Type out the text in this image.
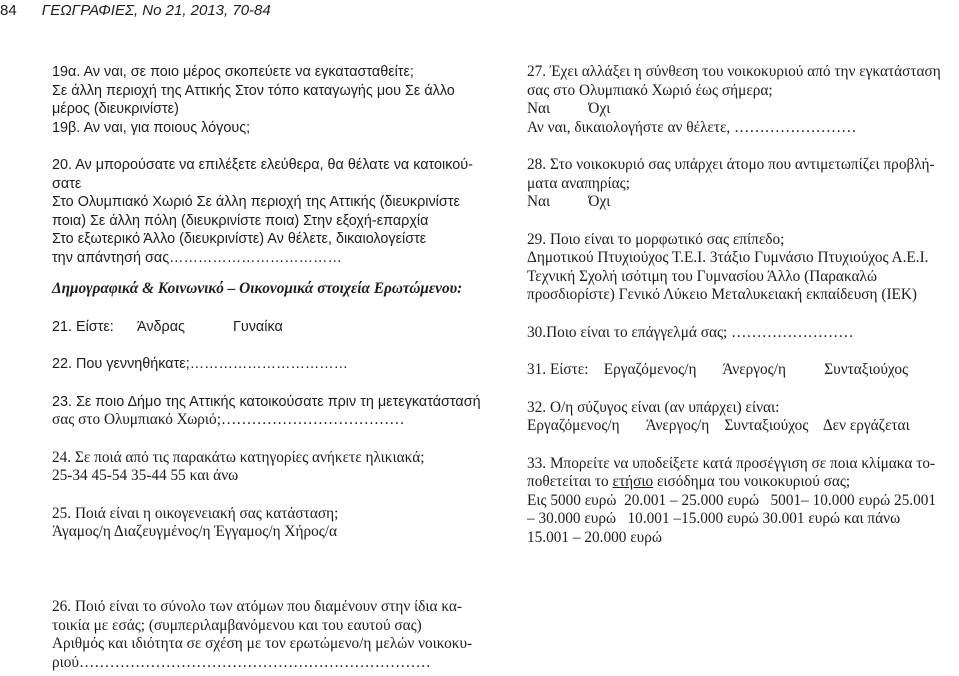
84 ΓΕΩΓΡΑΦΙΕΣ, Νο 21, 2013, 70-84
19α. Αν ναι, σε ποιο μέρος σκοπεύετε να εγκατασταθείτε;
Σε άλλη περιοχή της Αττικής Στον τόπο καταγωγής μου Σε άλλο
μέρος (διευκρινίστε)
19β. Αν ναι, για ποιους λόγους;
20. Αν μπορούσατε να επιλέξετε ελεύθερα, θα θέλατε να κατοικού-
σατε
Στο Ολυμπιακό Χωριό Σε άλλη περιοχή της Αττικής (διευκρινίστε
ποια) Σε άλλη πόλη (διευκρινίστε ποια) Στην εξοχή-επαρχία
Στο εξωτερικό Άλλο (διευκρινίστε) Αν θέλετε, δικαιολογείστε
την απάντησή σας………………………………
Δημογραφικά & Κοινωνικό – Οικονομικά στοιχεία Ερωτώμενου:
21. Είστε:      Άνδρας            Γυναίκα
22. Που γεννηθήκατε;……………………………
23. Σε ποιο Δήμο της Αττικής κατοικούσατε πριν τη μετεγκατάστασή
σας στο Ολυμπιακό Χωριό;………………………………
24. Σε ποιά από τις παρακάτω κατηγορίες ανήκετε ηλικιακά;
25-34 45-54 35-44 55 και άνω
25. Ποιά είναι η οικογενειακή σας κατάσταση;
Άγαμος/η Διαζευγμένος/η Έγγαμος/η Χήρος/α
26. Ποιό είναι το σύνολο των ατόμων που διαμένουν στην ίδια κα-
τοικία με εσάς; (συμπεριλαμβανόμενου και του εαυτού σας)
Αριθμός και ιδιότητα σε σχέση με τον ερωτώμενο/η μελών νοικοκυ-
ριού……………………………………………………………
27. Έχει αλλάξει η σύνθεση του νοικοκυριού από την εγκατάσταση
σας στο Ολυμπιακό Χωριό έως σήμερα;
Ναι          Όχι
Αν ναι, δικαιολογήστε αν θέλετε, ……………………
28. Στο νοικοκυριό σας υπάρχει άτομο που αντιμετωπίζει προβλή-
ματα αναπηρίας;
Ναι          Όχι
29. Ποιο είναι το μορφωτικό σας επίπεδο;
Δημοτικού Πτυχιούχος Τ.Ε.Ι. 3τάξιο Γυμνάσιο Πτυχιούχος Α.Ε.Ι.
Τεχνική Σχολή ισότιμη του Γυμνασίου Άλλο (Παρακαλώ
προσδιορίστε) Γενικό Λύκειο Μεταλυκειακή εκπαίδευση (ΙΕΚ)
30.Ποιο είναι το επάγγελμά σας; ……………………
31. Είστε:    Εργαζόμενος/η       Άνεργος/η          Συνταξιούχος
32. Ο/η σύζυγος είναι (αν υπάρχει) είναι:
Εργαζόμενος/η       Άνεργος/η    Συνταξιούχος    Δεν εργάζεται
33. Μπορείτε να υποδείξετε κατά προσέγγιση σε ποια κλίμακα το-
ποθετείται το ετήσιο εισόδημα του νοικοκυριού σας;
Εις 5000 ευρώ  20.001 – 25.000 ευρώ   5001– 10.000 ευρώ 25.001
– 30.000 ευρώ   10.001 –15.000 ευρώ 30.001 ευρώ και πάνω
15.001 – 20.000 ευρώ
